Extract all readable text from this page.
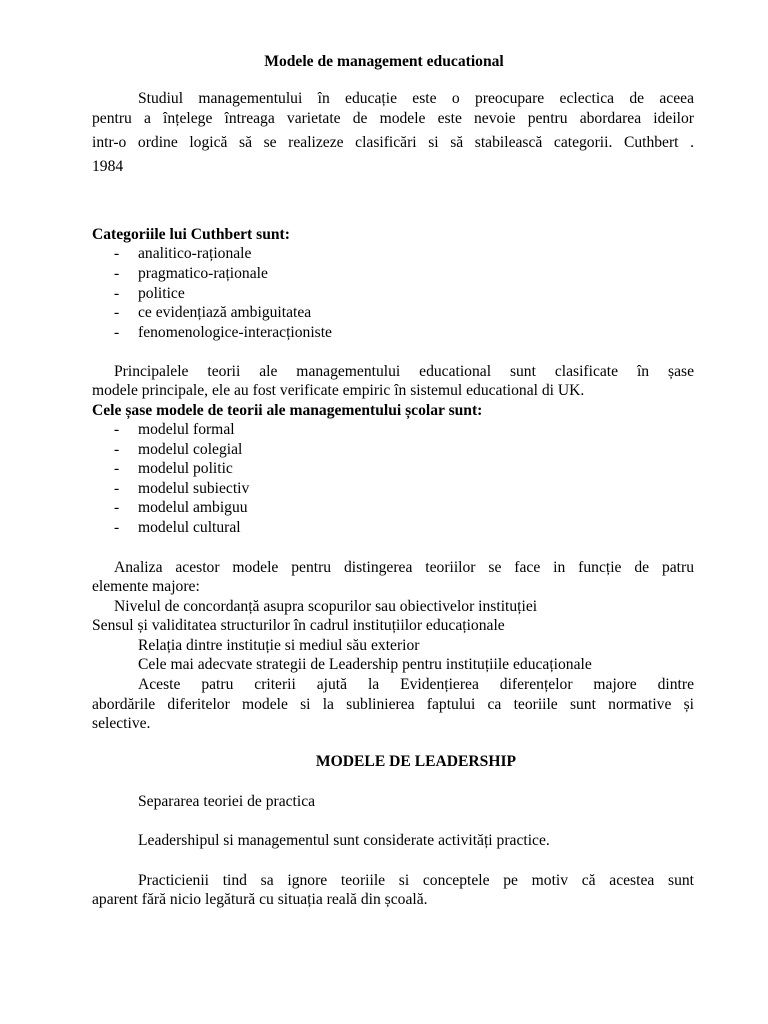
Modele de management educational
Studiul managementului în educație este o preocupare eclectica de aceea
pentru a înțelege întreaga varietate de modele este nevoie pentru abordarea ideilor
intr-o ordine logică să se realizeze clasificări si să stabilească categorii. Cuthbert .
1984
Categoriile lui Cuthbert sunt:
- analitico-raționale
- pragmatico-raționale
- politice
- ce evidențiază ambiguitatea
- fenomenologice-interacționiste
Principalele teorii ale managementului educational sunt clasificate în șase
modele principale, ele au fost verificate empiric în sistemul educational di UK.
Cele șase modele de teorii ale managementului școlar sunt:
- modelul formal
- modelul colegial
- modelul politic
- modelul subiectiv
- modelul ambiguu
- modelul cultural
Analiza acestor modele pentru distingerea teoriilor se face in funcție de patru
elemente majore:
Nivelul de concordanță asupra scopurilor sau obiectivelor instituției
Sensul și validitatea structurilor în cadrul instituțiilor educaționale
Relația dintre instituție si mediul său exterior
Cele mai adecvate strategii de Leadership pentru instituțiile educaționale
Aceste patru criterii ajută la Evidențierea diferențelor majore dintre
abordările diferitelor modele si la sublinierea faptului ca teoriile sunt normative și
selective.
MODELE DE LEADERSHIP
Separarea teoriei de practica
Leadershipul si managementul sunt considerate activități practice.
Practicienii tind sa ignore teoriile si conceptele pe motiv că acestea sunt
aparent fără nicio legătură cu situația reală din școală.
